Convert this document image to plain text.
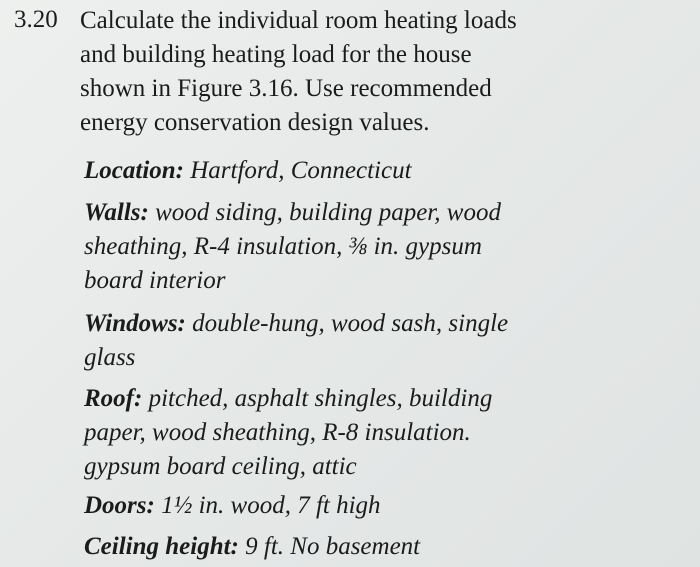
3.20 Calculate the individual room heating loads
and building heating load for the house
shown in Figure 3.16. Use recommended
energy conservation design values.

Location: Hartford, Connecticut

Walls: wood siding, building paper, wood
sheathing, R-4 insulation, ⅜ in. gypsum
board interior

Windows: double-hung, wood sash, single
glass

Roof: pitched, asphalt shingles, building
paper, wood sheathing, R-8 insulation.
gypsum board ceiling, attic

Doors: 1½ in. wood, 7 ft high

Ceiling height: 9 ft. No basement
